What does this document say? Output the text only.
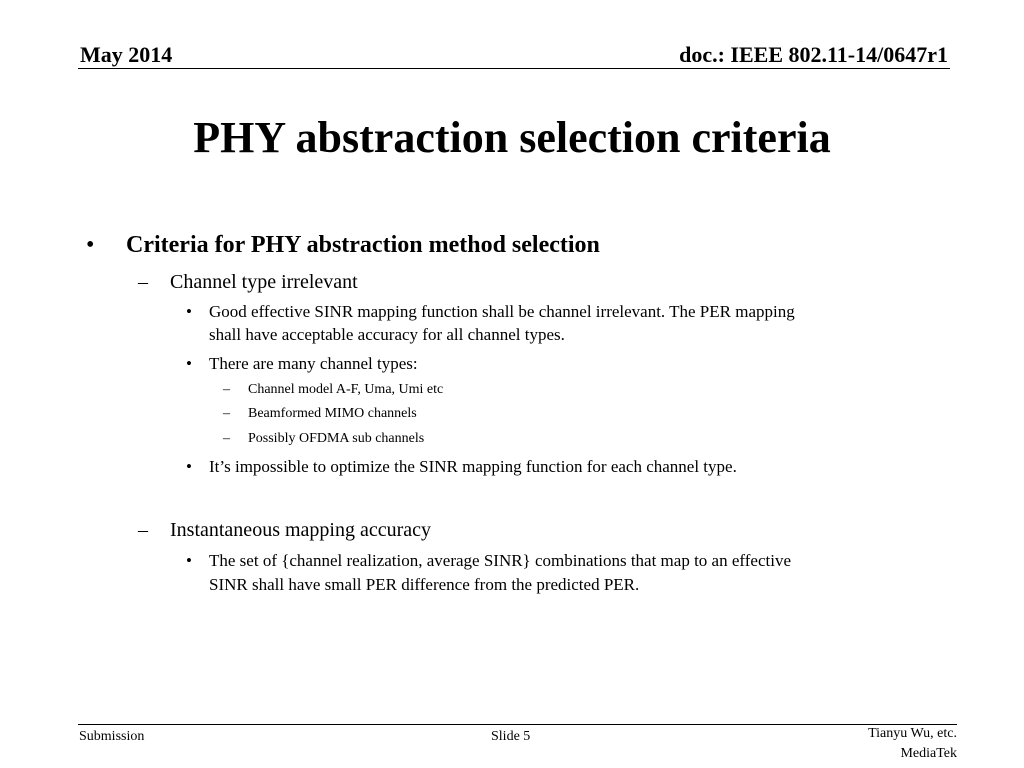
May 2014	doc.: IEEE 802.11-14/0647r1
PHY abstraction selection criteria
• Criteria for PHY abstraction method selection
– Channel type irrelevant
• Good effective SINR mapping function shall be channel irrelevant. The PER mapping
shall have acceptable accuracy for all channel types.
• There are many channel types:
– Channel model A-F, Uma, Umi etc
– Beamformed MIMO channels
– Possibly OFDMA sub channels
• It’s impossible to optimize the SINR mapping function for each channel type.
– Instantaneous mapping accuracy
• The set of {channel realization, average SINR} combinations that map to an effective
SINR shall have small PER difference from the predicted PER.
Submission	Slide 5	Tianyu Wu, etc.
MediaTek
